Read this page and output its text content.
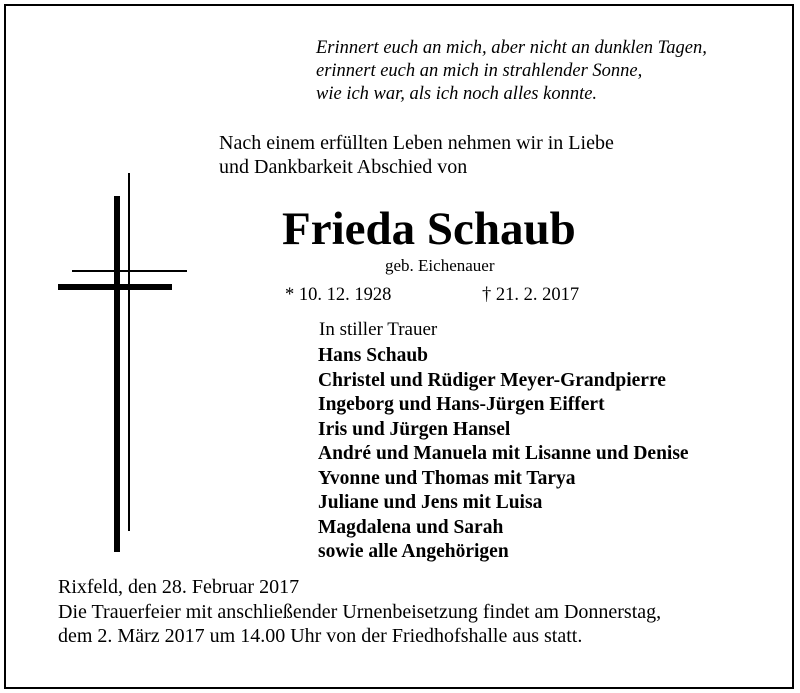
Erinnert euch an mich, aber nicht an dunklen Tagen,
erinnert euch an mich in strahlender Sonne,
wie ich war, als ich noch alles konnte.
Nach einem erfüllten Leben nehmen wir in Liebe
und Dankbarkeit Abschied von
Frieda Schaub
geb. Eichenauer
* 10. 12. 1928	† 21. 2. 2017
In stiller Trauer
Hans Schaub
Christel und Rüdiger Meyer-Grandpierre
Ingeborg und Hans-Jürgen Eiffert
Iris und Jürgen Hansel
André und Manuela mit Lisanne und Denise
Yvonne und Thomas mit Tarya
Juliane und Jens mit Luisa
Magdalena und Sarah
sowie alle Angehörigen
Rixfeld, den 28. Februar 2017
Die Trauerfeier mit anschließender Urnenbeisetzung findet am Donnerstag,
dem 2. März 2017 um 14.00 Uhr von der Friedhofshalle aus statt.
